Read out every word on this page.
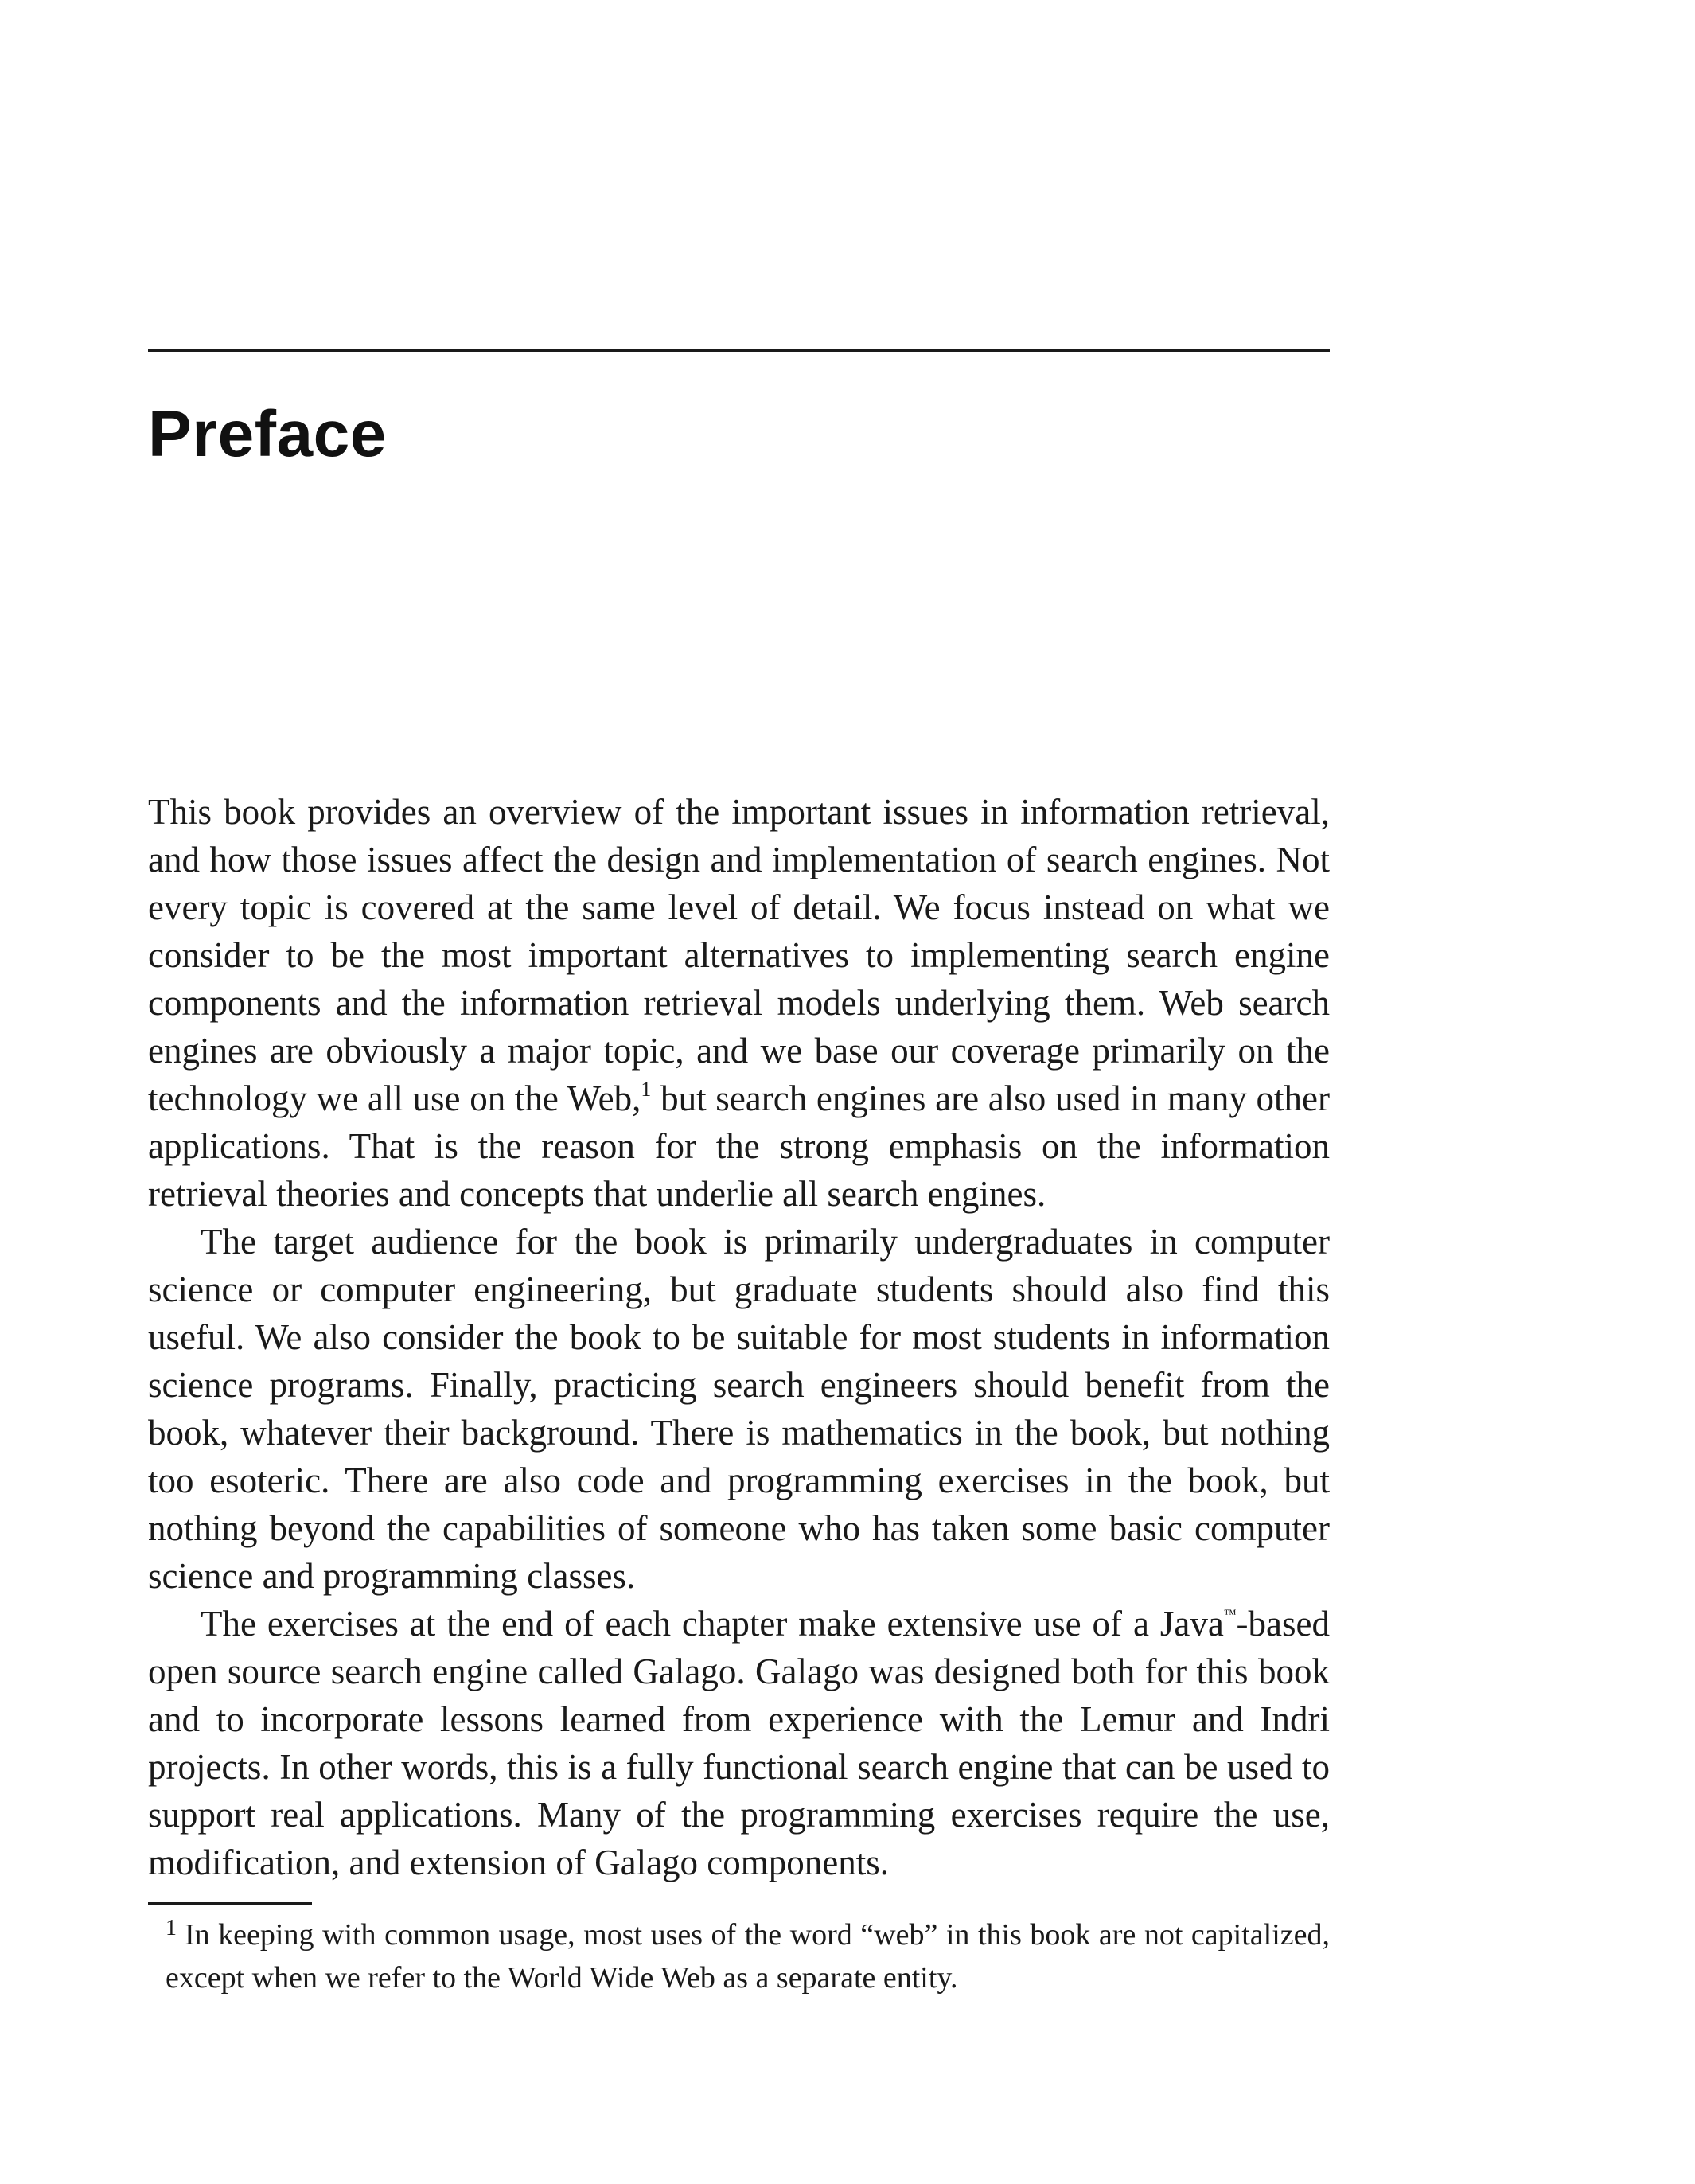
Preface

This book provides an overview of the important issues in information retrieval, and how those issues affect the design and implementation of search engines. Not every topic is covered at the same level of detail. We focus instead on what we consider to be the most important alternatives to implementing search engine components and the information retrieval models underlying them. Web search engines are obviously a major topic, and we base our coverage primarily on the technology we all use on the Web,$^1$ but search engines are also used in many other applications. That is the reason for the strong emphasis on the information retrieval theories and concepts that underlie all search engines.

The target audience for the book is primarily undergraduates in computer science or computer engineering, but graduate students should also find this useful. We also consider the book to be suitable for most students in information science programs. Finally, practicing search engineers should benefit from the book, whatever their background. There is mathematics in the book, but nothing too esoteric. There are also code and programming exercises in the book, but nothing beyond the capabilities of someone who has taken some basic computer science and programming classes.

The exercises at the end of each chapter make extensive use of a Java™-based open source search engine called Galago. Galago was designed both for this book and to incorporate lessons learned from experience with the Lemur and Indri projects. In other words, this is a fully functional search engine that can be used to support real applications. Many of the programming exercises require the use, modification, and extension of Galago components.

$^1$ In keeping with common usage, most uses of the word “web” in this book are not capitalized, except when we refer to the World Wide Web as a separate entity.
